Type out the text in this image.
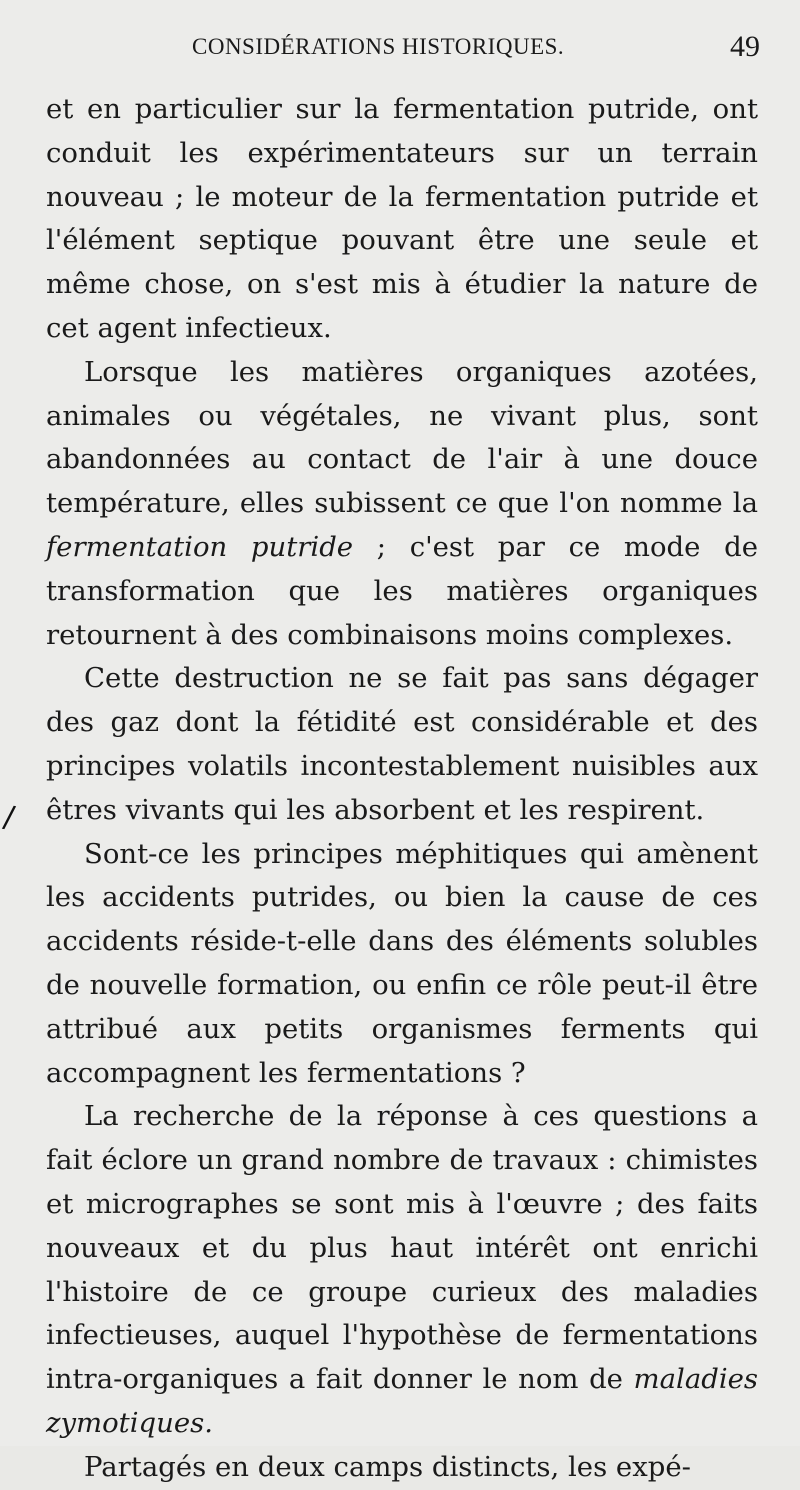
CONSIDÉRATIONS HISTORIQUES.	49
/

et en particulier sur la fermentation putride, ont conduit les expérimentateurs sur un terrain nouveau ; le moteur de la fermentation putride et l'élément septique pouvant être une seule et même chose, on s'est mis à étudier la nature de cet agent infectieux.

Lorsque les matières organiques azotées, animales ou végétales, ne vivant plus, sont abandonnées au contact de l'air à une douce température, elles subissent ce que l'on nomme la fermentation putride ; c'est par ce mode de transformation que les matières organiques retournent à des combinaisons moins complexes.

Cette destruction ne se fait pas sans dégager des gaz dont la fétidité est considérable et des principes volatils incontestablement nuisibles aux êtres vivants qui les absorbent et les respirent.

Sont-ce les principes méphitiques qui amènent les accidents putrides, ou bien la cause de ces accidents réside-t-elle dans des éléments solubles de nouvelle formation, ou enfin ce rôle peut-il être attribué aux petits organismes ferments qui accompagnent les fermentations ?

La recherche de la réponse à ces questions a fait éclore un grand nombre de travaux : chimistes et micrographes se sont mis à l'œuvre ; des faits nouveaux et du plus haut intérêt ont enrichi l'histoire de ce groupe curieux des maladies infectieuses, auquel l'hypothèse de fermentations intra-organiques a fait donner le nom de maladies zymotiques.

Partagés en deux camps distincts, les expé-
